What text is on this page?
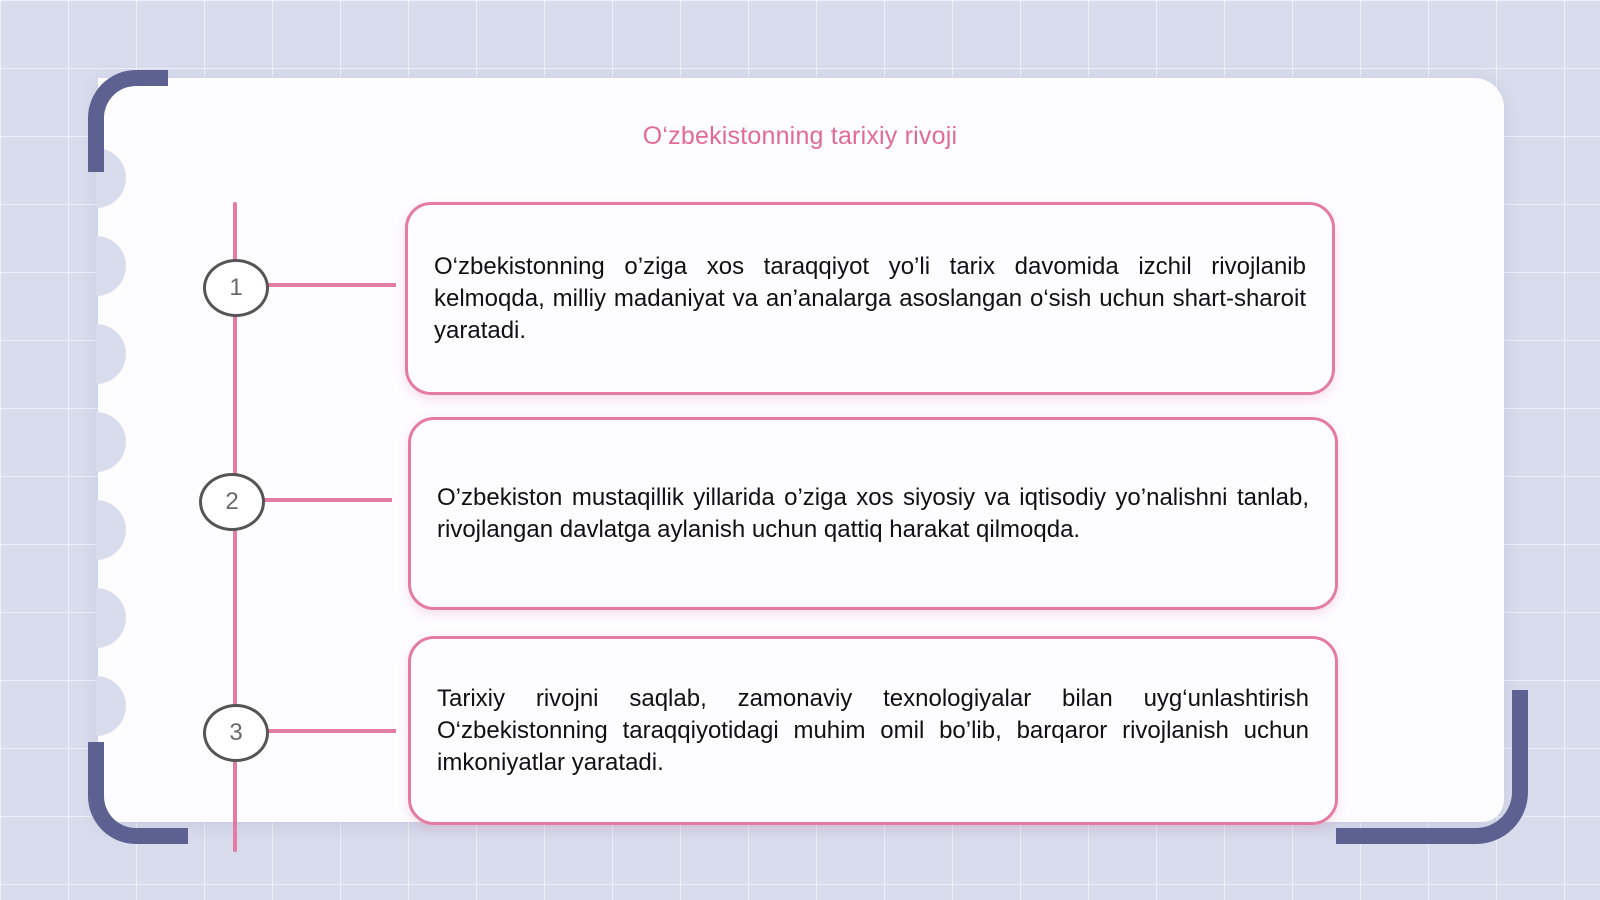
O‘zbekistonning tarixiy rivoji
1
2
3

O‘zbekistonning o’ziga xos taraqqiyot yo’li tarix davomida izchil rivojlanib kelmoqda, milliy madaniyat va an’analarga asoslangan o‘sish uchun shart-sharoit yaratadi.

O’zbekiston mustaqillik yillarida o’ziga xos siyosiy va iqtisodiy yo’nalishni tanlab, rivojlangan davlatga aylanish uchun qattiq harakat qilmoqda.

Tarixiy rivojni saqlab, zamonaviy texnologiyalar bilan uyg‘unlashtirish O‘zbekistonning taraqqiyotidagi muhim omil bo’lib, barqaror rivojlanish uchun imkoniyatlar yaratadi.
